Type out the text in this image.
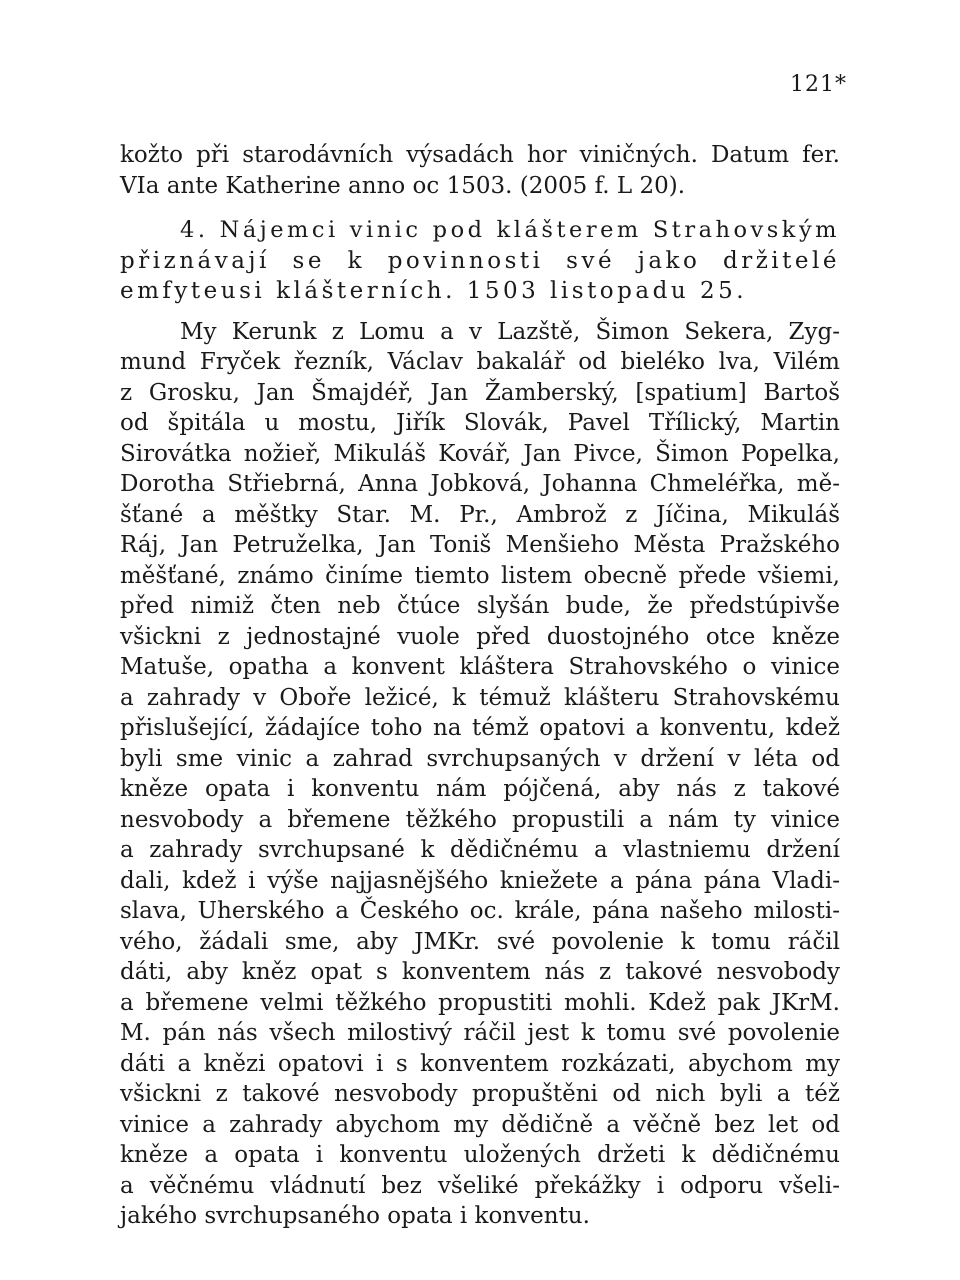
121*
kožto při starodávních výsadách hor viničných. Datum fer.
VIa ante Katherine anno oc 1503. (2005 f. L 20).
4. Nájemci vinic pod klášterem Strahovským
přiznávají se k povinnosti své jako držitelé
emfyteusi klášterních. 1503 listopadu 25.
My Kerunk z Lomu a v Lazště, Šimon Sekera, Zyg-
mund Fryček řezník, Václav bakalář od bieléko lva, Vilém
z Grosku, Jan Šmajdéř, Jan Žamberský, [spatium] Bartoš
od špitála u mostu, Jiřík Slovák, Pavel Třílický, Martin
Sirovátka nožieř, Mikuláš Kovář, Jan Pivce, Šimon Popelka,
Dorotha Střiebrná, Anna Jobková, Johanna Chmeléřka, mě-
šťané a měštky Star. M. Pr., Ambrož z Jíčina, Mikuláš
Ráj, Jan Petruželka, Jan Toniš Menšieho Města Pražského
měšťané, známo činíme tiemto listem obecně přede všiemi,
před nimiž čten neb čtúce slyšán bude, že předstúpivše
všickni z jednostajné vuole před duostojného otce kněze
Matuše, opatha a konvent kláštera Strahovského o vinice
a zahrady v Oboře ležicé, k témuž klášteru Strahovskému
přislušející, žádajíce toho na témž opatovi a konventu, kdež
byli sme vinic a zahrad svrchupsaných v držení v léta od
kněze opata i konventu nám pójčená, aby nás z takové
nesvobody a břemene těžkého propustili a nám ty vinice
a zahrady svrchupsané k dědičnému a vlastniemu držení
dali, kdež i výše najjasnějšého kniežete a pána pána Vladi-
slava, Uherského a Českého oc. krále, pána našeho milosti-
vého, žádali sme, aby JMKr. své povolenie k tomu ráčil
dáti, aby kněz opat s konventem nás z takové nesvobody
a břemene velmi těžkého propustiti mohli. Kdež pak JKrM.
M. pán nás všech milostivý ráčil jest k tomu své povolenie
dáti a knězi opatovi i s konventem rozkázati, abychom my
všickni z takové nesvobody propuštěni od nich byli a též
vinice a zahrady abychom my dědičně a věčně bez let od
kněze a opata i konventu uložených držeti k dědičnému
a věčnému vládnutí bez všeliké překážky i odporu všeli-
jakého svrchupsaného opata i konventu.
